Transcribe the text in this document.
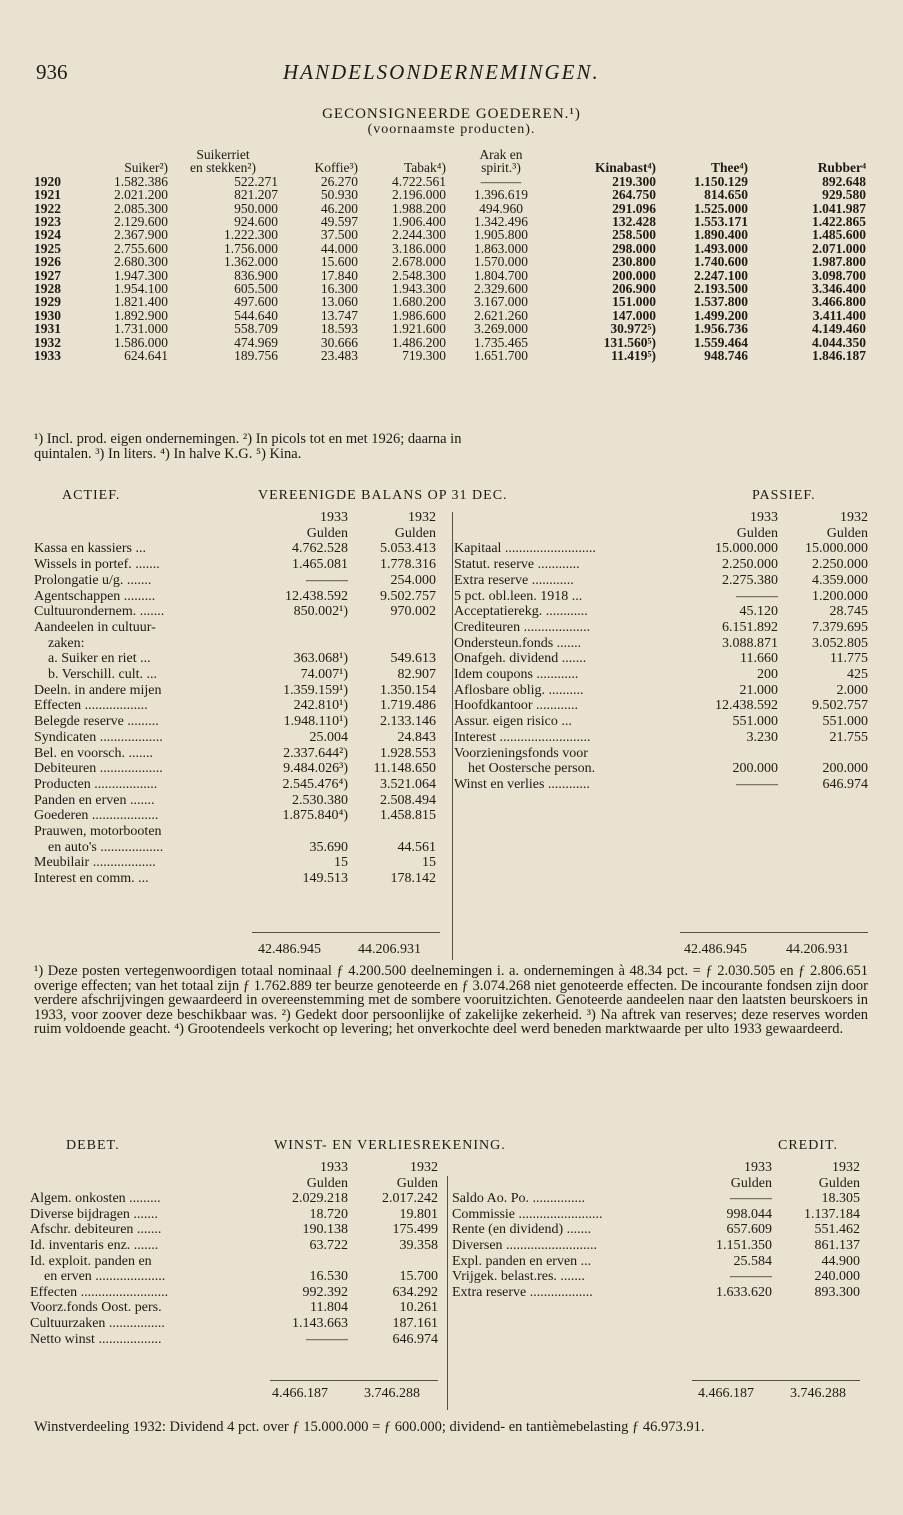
936	HANDELSONDERNEMINGEN.
GECONSIGNEERDE GOEDEREN.¹)
(voornaamste producten).
		Suikerriet			Arak en			
	Suiker²)	en stekken²)	Koffie³)	Tabak⁴)	spirit.³)	Kinabast⁴)	Thee⁴)	Rubber⁴
1920	1.582.386	522.271	26.270	4.722.561	———	219.300	1.150.129	892.648
1921	2.021.200	821.207	50.930	2.196.000	1.396.619	264.750	814.650	929.580
1922	2.085.300	950.000	46.200	1.988.200	494.960	291.096	1.525.000	1.041.987
1923	2.129.600	924.600	49.597	1.906.400	1.342.496	132.428	1.553.171	1.422.865
1924	2.367.900	1.222.300	37.500	2.244.300	1.905.800	258.500	1.890.400	1.485.600
1925	2.755.600	1.756.000	44.000	3.186.000	1.863.000	298.000	1.493.000	2.071.000
1926	2.680.300	1.362.000	15.600	2.678.000	1.570.000	230.800	1.740.600	1.987.800
1927	1.947.300	836.900	17.840	2.548.300	1.804.700	200.000	2.247.100	3.098.700
1928	1.954.100	605.500	16.300	1.943.300	2.329.600	206.900	2.193.500	3.346.400
1929	1.821.400	497.600	13.060	1.680.200	3.167.000	151.000	1.537.800	3.466.800
1930	1.892.900	544.640	13.747	1.986.600	2.621.260	147.000	1.499.200	3.411.400
1931	1.731.000	558.709	18.593	1.921.600	3.269.000	30.972⁵)	1.956.736	4.149.460
1932	1.586.000	474.969	30.666	1.486.200	1.735.465	131.560⁵)	1.559.464	4.044.350
1933	624.641	189.756	23.483	719.300	1.651.700	11.419⁵)	948.746	1.846.187
¹) Incl. prod. eigen ondernemingen. ²) In picols tot en met 1926; daarna in
quintalen. ³) In liters. ⁴) In halve K.G. ⁵) Kina.
ACTIEF.	VEREENIGDE BALANS OP 31 DEC.	PASSIEF.
	1933	1932
	Gulden	Gulden
Kassa en kassiers ...	4.762.528	5.053.413
Wissels in portef. .......	1.465.081	1.778.316
Prolongatie u/g. .......	———	254.000
Agentschappen .........	12.438.592	9.502.757
Cultuurondernem. .......	850.002¹)	970.002
Aandeelen in cultuur-		
zaken:		
a. Suiker en riet ...	363.068¹)	549.613
b. Verschill. cult. ...	74.007¹)	82.907
Deeln. in andere mijen	1.359.159¹)	1.350.154
Effecten ..................	242.810¹)	1.719.486
Belegde reserve .........	1.948.110¹)	2.133.146
Syndicaten ..................	25.004	24.843
Bel. en voorsch. .......	2.337.644²)	1.928.553
Debiteuren ..................	9.484.026³)	11.148.650
Producten ..................	2.545.476⁴)	3.521.064
Panden en erven .......	2.530.380	2.508.494
Goederen ...................	1.875.840⁴)	1.458.815
Prauwen, motorbooten		
en auto's ..................	35.690	44.561
Meubilair ..................	15	15
Interest en comm. ...	149.513	178.142
	1933	1932
	Gulden	Gulden
Kapitaal ..........................	15.000.000	15.000.000
Statut. reserve ............	2.250.000	2.250.000
Extra reserve ............	2.275.380	4.359.000
5 pct. obl.leen. 1918 ...	———	1.200.000
Acceptatierekg. ............	45.120	28.745
Crediteuren ...................	6.151.892	7.379.695
Ondersteun.fonds .......	3.088.871	3.052.805
Onafgeh. dividend .......	11.660	11.775
Idem coupons ............	200	425
Aflosbare oblig. ..........	21.000	2.000
Hoofdkantoor ............	12.438.592	9.502.757
Assur. eigen risico ...	551.000	551.000
Interest ..........................	3.230	21.755
Voorzieningsfonds voor		
het Oostersche person.	200.000	200.000
Winst en verlies ............	———	646.974
42.486.945	44.206.931	42.486.945	44.206.931
¹) Deze posten vertegenwoordigen totaal nominaal ƒ 4.200.500 deelnemingen i. a. ondernemingen à 48.34 pct. = ƒ 2.030.505 en ƒ 2.806.651 overige effecten; van het totaal zijn ƒ 1.762.889 ter beurze genoteerde en ƒ 3.074.268 niet genoteerde effecten. De incourante fondsen zijn door verdere afschrijvingen gewaardeerd in overeenstemming met de sombere vooruitzichten. Genoteerde aandeelen naar den laatsten beurskoers in 1933, voor zoover deze beschikbaar was. ²) Gedekt door persoonlijke of zakelijke zekerheid. ³) Na aftrek van reserves; deze reserves worden ruim voldoende geacht. ⁴) Grootendeels verkocht op levering; het onverkochte deel werd beneden marktwaarde per ulto 1933 gewaardeerd.
DEBET.	WINST- EN VERLIESREKENING.	CREDIT.
	1933	1932
	Gulden	Gulden
Algem. onkosten .........	2.029.218	2.017.242
Diverse bijdragen .......	18.720	19.801
Afschr. debiteuren .......	190.138	175.499
Id. inventaris enz. .......	63.722	39.358
Id. exploit. panden en		
en erven ....................	16.530	15.700
Effecten .........................	992.392	634.292
Voorz.fonds Oost. pers.	11.804	10.261
Cultuurzaken ................	1.143.663	187.161
Netto winst ..................	———	646.974
	1933	1932
	Gulden	Gulden
Saldo Ao. Po. ...............	———	18.305
Commissie ........................	998.044	1.137.184
Rente (en dividend) .......	657.609	551.462
Diversen ..........................	1.151.350	861.137
Expl. panden en erven ...	25.584	44.900
Vrijgek. belast.res. .......	———	240.000
Extra reserve ..................	1.633.620	893.300
4.466.187	3.746.288	4.466.187	3.746.288
Winstverdeeling 1932: Dividend 4 pct. over ƒ 15.000.000 = ƒ 600.000; dividend- en tantièmebelasting ƒ 46.973.91.
